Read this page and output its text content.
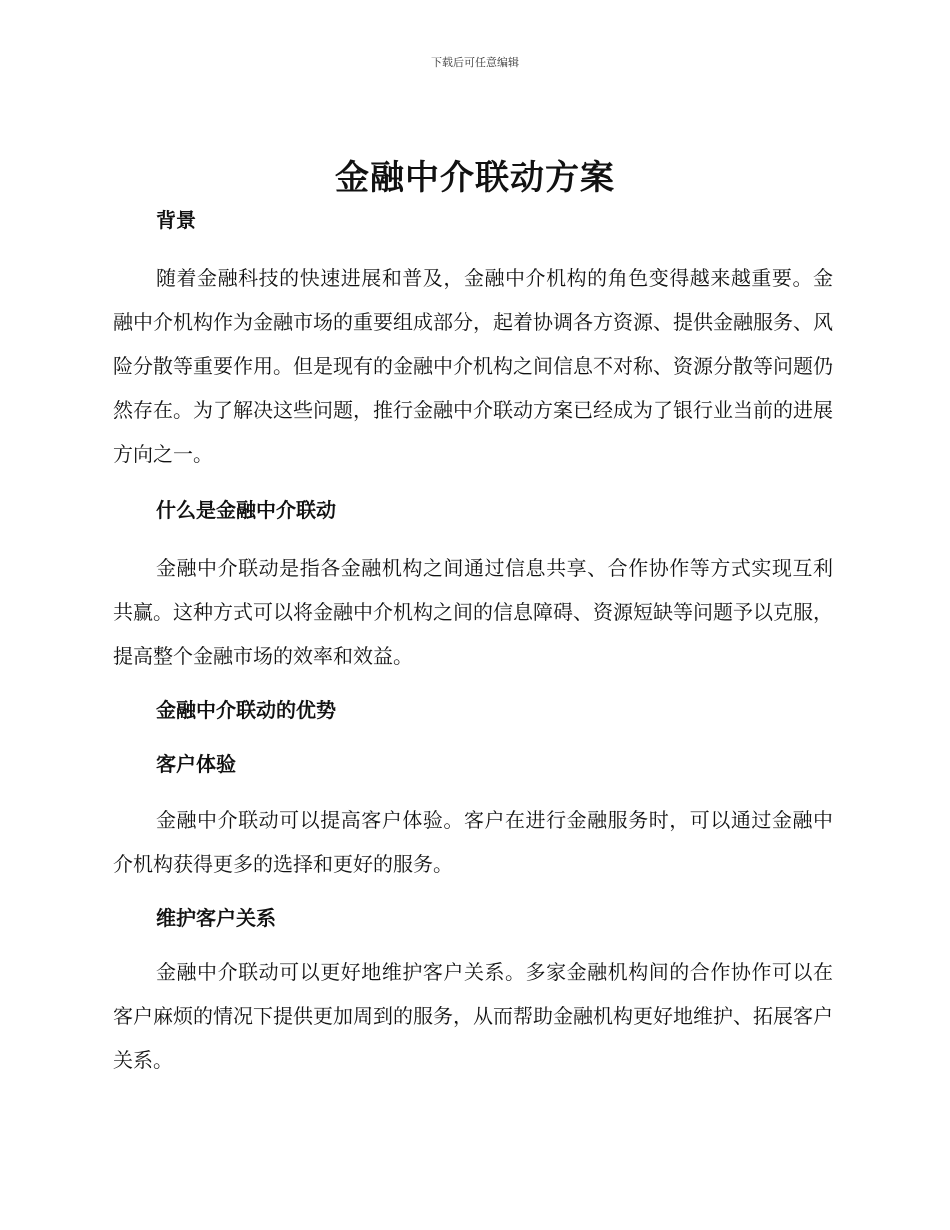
下载后可任意编辑
金融中介联动方案
背景

随着金融科技的快速进展和普及，金融中介机构的角色变得越来越重要。金融中介机构作为金融市场的重要组成部分，起着协调各方资源、提供金融服务、风险分散等重要作用。但是现有的金融中介机构之间信息不对称、资源分散等问题仍然存在。为了解决这些问题，推行金融中介联动方案已经成为了银行业当前的进展方向之一。

什么是金融中介联动

金融中介联动是指各金融机构之间通过信息共享、合作协作等方式实现互利共赢。这种方式可以将金融中介机构之间的信息障碍、资源短缺等问题予以克服，提高整个金融市场的效率和效益。

金融中介联动的优势
客户体验

金融中介联动可以提高客户体验。客户在进行金融服务时，可以通过金融中介机构获得更多的选择和更好的服务。

维护客户关系

金融中介联动可以更好地维护客户关系。多家金融机构间的合作协作可以在客户麻烦的情况下提供更加周到的服务，从而帮助金融机构更好地维护、拓展客户关系。
